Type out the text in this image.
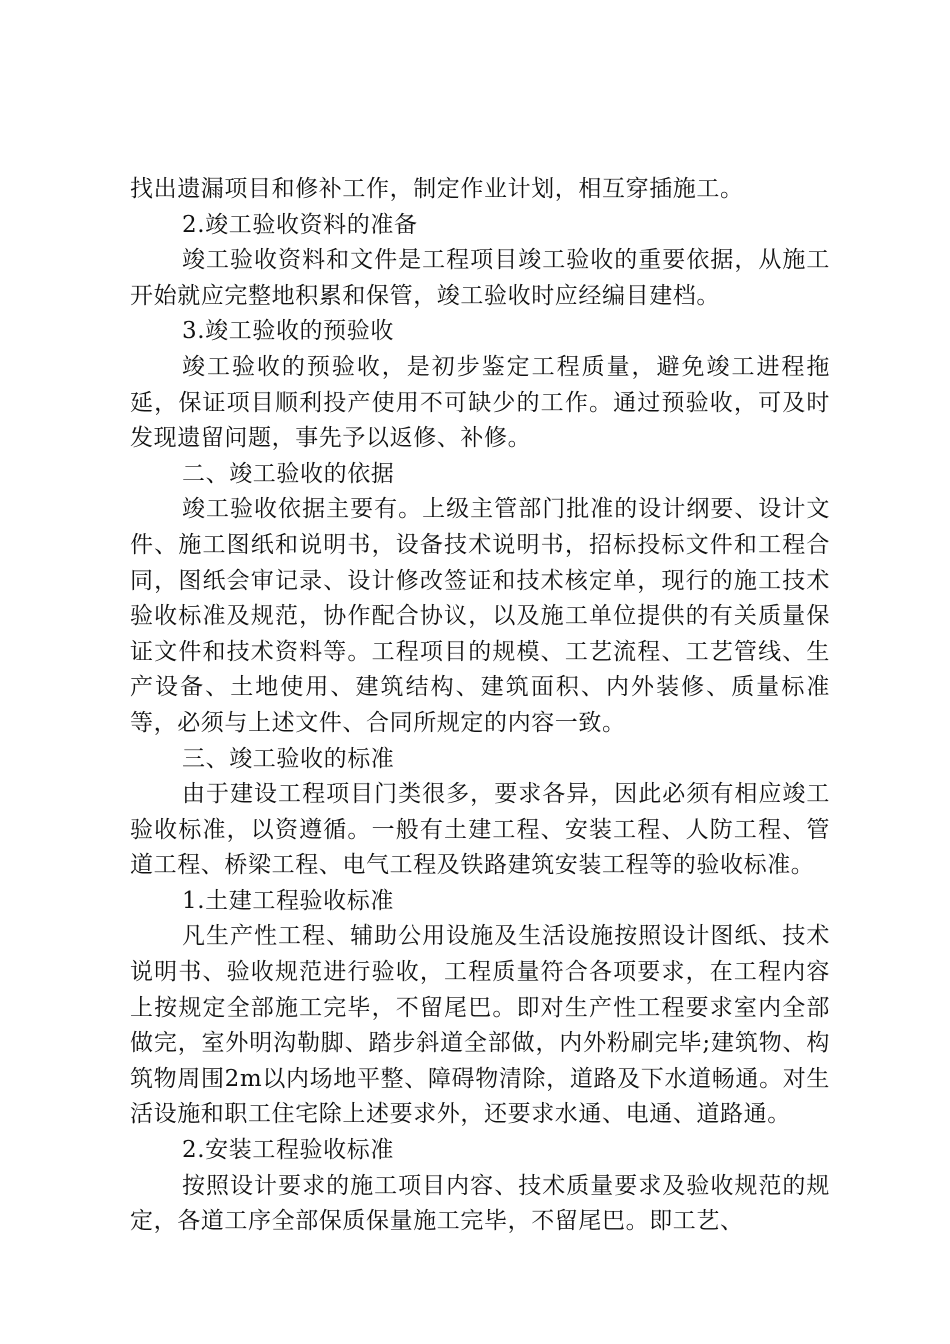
找出遗漏项目和修补工作，制定作业计划，相互穿插施工。

2.竣工验收资料的准备

竣工验收资料和文件是工程项目竣工验收的重要依据，从施工开始就应完整地积累和保管，竣工验收时应经编目建档。

3.竣工验收的预验收

竣工验收的预验收，是初步鉴定工程质量，避免竣工进程拖延，保证项目顺利投产使用不可缺少的工作。通过预验收，可及时发现遗留问题，事先予以返修、补修。

二、竣工验收的依据

竣工验收依据主要有。上级主管部门批准的设计纲要、设计文件、施工图纸和说明书，设备技术说明书，招标投标文件和工程合同，图纸会审记录、设计修改签证和技术核定单，现行的施工技术验收标准及规范，协作配合协议，以及施工单位提供的有关质量保证文件和技术资料等。工程项目的规模、工艺流程、工艺管线、生产设备、土地使用、建筑结构、建筑面积、内外装修、质量标准等，必须与上述文件、合同所规定的内容一致。

三、竣工验收的标准

由于建设工程项目门类很多，要求各异，因此必须有相应竣工验收标准，以资遵循。一般有土建工程、安装工程、人防工程、管道工程、桥梁工程、电气工程及铁路建筑安装工程等的验收标准。

1.土建工程验收标准

凡生产性工程、辅助公用设施及生活设施按照设计图纸、技术说明书、验收规范进行验收，工程质量符合各项要求，在工程内容上按规定全部施工完毕，不留尾巴。即对生产性工程要求室内全部做完，室外明沟勒脚、踏步斜道全部做，内外粉刷完毕;建筑物、构筑物周围2m以内场地平整、障碍物清除，道路及下水道畅通。对生活设施和职工住宅除上述要求外，还要求水通、电通、道路通。

2.安装工程验收标准

按照设计要求的施工项目内容、技术质量要求及验收规范的规定，各道工序全部保质保量施工完毕，不留尾巴。即工艺、
